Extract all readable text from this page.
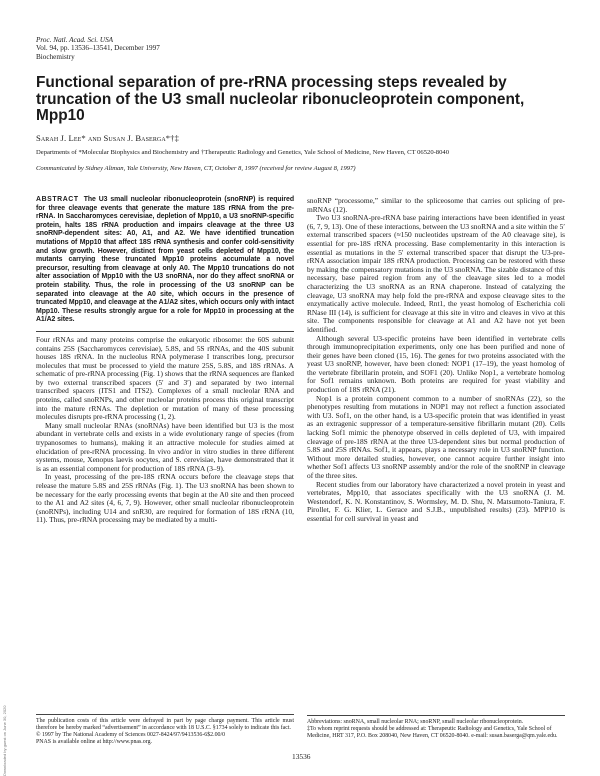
Proc. Natl. Acad. Sci. USA
Vol. 94, pp. 13536–13541, December 1997
Biochemistry
Functional separation of pre-rRNA processing steps revealed by truncation of the U3 small nucleolar ribonucleoprotein component, Mpp10
Sarah J. Lee* and Susan J. Baserga*†‡
Departments of *Molecular Biophysics and Biochemistry and †Therapeutic Radiology and Genetics, Yale School of Medicine, New Haven, CT 06520-8040
Communicated by Sidney Altman, Yale University, New Haven, CT, October 8, 1997 (received for review August 8, 1997)
ABSTRACT The U3 small nucleolar ribonucleoprotein (snoRNP) is required for three cleavage events that generate the mature 18S rRNA from the pre-rRNA. In Saccharomyces cerevisiae, depletion of Mpp10, a U3 snoRNP-specific protein, halts 18S rRNA production and impairs cleavage at the three U3 snoRNP-dependent sites: A0, A1, and A2. We have identified truncation mutations of Mpp10 that affect 18S rRNA synthesis and confer cold-sensitivity and slow growth. However, distinct from yeast cells depleted of Mpp10, the mutants carrying these truncated Mpp10 proteins accumulate a novel precursor, resulting from cleavage at only A0. The Mpp10 truncations do not alter association of Mpp10 with the U3 snoRNA, nor do they affect snoRNA or protein stability. Thus, the role in processing of the U3 snoRNP can be separated into cleavage at the A0 site, which occurs in the presence of truncated Mpp10, and cleavage at the A1/A2 sites, which occurs only with intact Mpp10. These results strongly argue for a role for Mpp10 in processing at the A1/A2 sites.

Four rRNAs and many proteins comprise the eukaryotic ribosome: the 60S subunit contains 25S (Saccharomyces cerevisiae), 5.8S, and 5S rRNAs, and the 40S subunit houses 18S rRNA. In the nucleolus RNA polymerase I transcribes long, precursor molecules that must be processed to yield the mature 25S, 5.8S, and 18S rRNAs. A schematic of pre-rRNA processing (Fig. 1) shows that the rRNA sequences are flanked by two external transcribed spacers (5′ and 3′) and separated by two internal transcribed spacers (ITS1 and ITS2). Complexes of a small nucleolar RNA and proteins, called snoRNPs, and other nucleolar proteins process this original transcript into the mature rRNAs. The depletion or mutation of many of these processing molecules disrupts pre-rRNA processing (1, 2).

Many small nucleolar RNAs (snoRNAs) have been identified but U3 is the most abundant in vertebrate cells and exists in a wide evolutionary range of species (from trypanosomes to humans), making it an attractive molecule for studies aimed at elucidation of pre-rRNA processing. In vivo and/or in vitro studies in three different systems, mouse, Xenopus laevis oocytes, and S. cerevisiae, have demonstrated that it is as an essential component for production of 18S rRNA (3–9).

In yeast, processing of the pre-18S rRNA occurs before the cleavage steps that release the mature 5.8S and 25S rRNAs (Fig. 1). The U3 snoRNA has been shown to be necessary for the early processing events that begin at the A0 site and then proceed to the A1 and A2 sites (4, 6, 7, 9). However, other small nucleolar ribonucleoprotein (snoRNPs), including U14 and snR30, are required for formation of 18S rRNA (10, 11). Thus, pre-rRNA processing may be mediated by a multi-

snoRNP “processome,” similar to the spliceosome that carries out splicing of pre-mRNAs (12).

Two U3 snoRNA-pre-rRNA base pairing interactions have been identified in yeast (6, 7, 9, 13). One of these interactions, between the U3 snoRNA and a site within the 5′ external transcribed spacers (≈150 nucleotides upstream of the A0 cleavage site), is essential for pre-18S rRNA processing. Base complementarity in this interaction is essential as mutations in the 5′ external transcribed spacer that disrupt the U3-pre-rRNA association impair 18S rRNA production. Processing can be restored with these by making the compensatory mutations in the U3 snoRNA. The sizable distance of this necessary, base paired region from any of the cleavage sites led to a model characterizing the U3 snoRNA as an RNA chaperone. Instead of catalyzing the cleavage, U3 snoRNA may help fold the pre-rRNA and expose cleavage sites to the enzymatically active molecule. Indeed, Rnt1, the yeast homolog of Escherichia coli RNase III (14), is sufficient for cleavage at this site in vitro and cleaves in vivo at this site. The components responsible for cleavage at A1 and A2 have not yet been identified.

Although several U3-specific proteins have been identified in vertebrate cells through immunoprecipitation experiments, only one has been purified and none of their genes have been cloned (15, 16). The genes for two proteins associated with the yeast U3 snoRNP, however, have been cloned: NOP1 (17–19), the yeast homolog of the vertebrate fibrillarin protein, and SOF1 (20). Unlike Nop1, a vertebrate homolog for Sof1 remains unknown. Both proteins are required for yeast viability and production of 18S rRNA (21).

Nop1 is a protein component common to a number of snoRNAs (22), so the phenotypes resulting from mutations in NOP1 may not reflect a function associated with U3. Sof1, on the other hand, is a U3-specific protein that was identified in yeast as an extragenic suppressor of a temperature-sensitive fibrillarin mutant (20). Cells lacking Sof1 mimic the phenotype observed in cells depleted of U3, with impaired cleavage of pre-18S rRNA at the three U3-dependent sites but normal production of 5.8S and 25S rRNAs. Sof1, it appears, plays a necessary role in U3 snoRNP function. Without more detailed studies, however, one cannot acquire further insight into whether Sof1 affects U3 snoRNP assembly and/or the role of the snoRNP in cleavage of the three sites.

Recent studies from our laboratory have characterized a novel protein in yeast and vertebrates, Mpp10, that associates specifically with the U3 snoRNA (J. M. Westendorf, K. N. Konstantinov, S. Wormsley, M. D. Shu, N. Matsumoto-Taniura, F. Pirollet, F. G. Klier, L. Gerace and S.J.B., unpublished results) (23). MPP10 is essential for cell survival in yeast and

The publication costs of this article were defrayed in part by page charge payment. This article must therefore be hereby marked “advertisement” in accordance with 18 U.S.C. §1734 solely to indicate this fact.
© 1997 by The National Academy of Sciences 0027-8424/97/9413536-6$2.00/0
PNAS is available online at http://www.pnas.org.
Abbreviations: snoRNA, small nucleolar RNA; snoRNP, small nucleolar ribonucleoprotein.
‡To whom reprint requests should be addressed at: Therapeutic Radiology and Genetics, Yale School of Medicine, HRT 317, P.O. Box 208040, New Haven, CT 06520-8040. e-mail: susan.baserga@qm.yale.edu.
13536
Downloaded by guest on June 30, 2020
